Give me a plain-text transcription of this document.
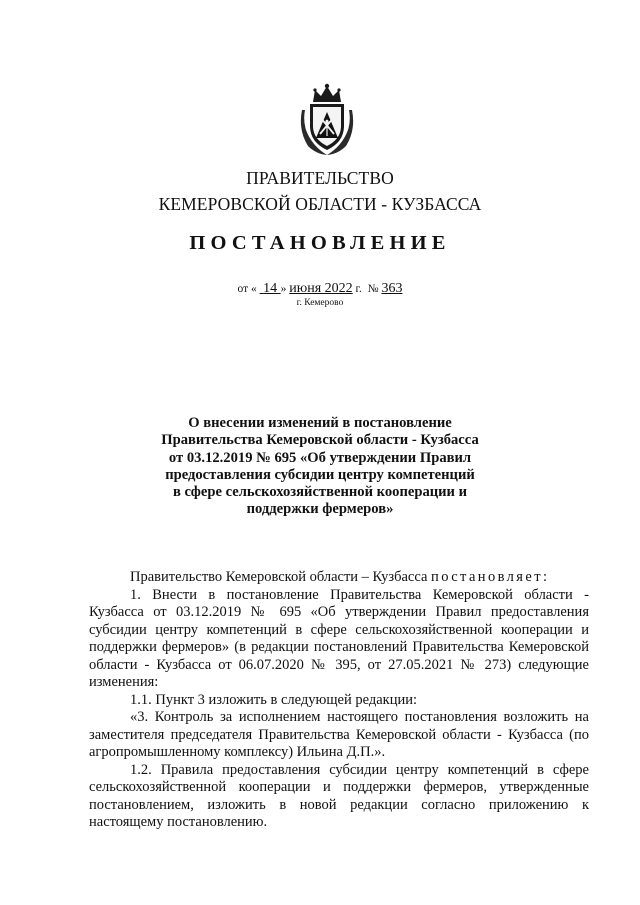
ПРАВИТЕЛЬСТВО
КЕМЕРОВСКОЙ ОБЛАСТИ - КУЗБАССА
ПОСТАНОВЛЕНИЕ
от « 14 » июня 2022 г. № 363
г. Кемерово
О внесении изменений в постановление
Правительства Кемеровской области - Кузбасса
от 03.12.2019 № 695 «Об утверждении Правил
предоставления субсидии центру компетенций
в сфере сельскохозяйственной кооперации и
поддержки фермеров»

Правительство Кемеровской области – Кузбасса постановляет:

1. Внести в постановление Правительства Кемеровской области - Кузбасса от 03.12.2019 № 695 «Об утверждении Правил предоставления субсидии центру компетенций в сфере сельскохозяйственной кооперации и поддержки фермеров» (в редакции постановлений Правительства Кемеровской области - Кузбасса от 06.07.2020 № 395, от 27.05.2021 № 273) следующие изменения:

1.1. Пункт 3 изложить в следующей редакции:

«3. Контроль за исполнением настоящего постановления возложить на заместителя председателя Правительства Кемеровской области - Кузбасса (по агропромышленному комплексу) Ильина Д.П.».

1.2. Правила предоставления субсидии центру компетенций в сфере сельскохозяйственной кооперации и поддержки фермеров, утвержденные постановлением, изложить в новой редакции согласно приложению к настоящему постановлению.
